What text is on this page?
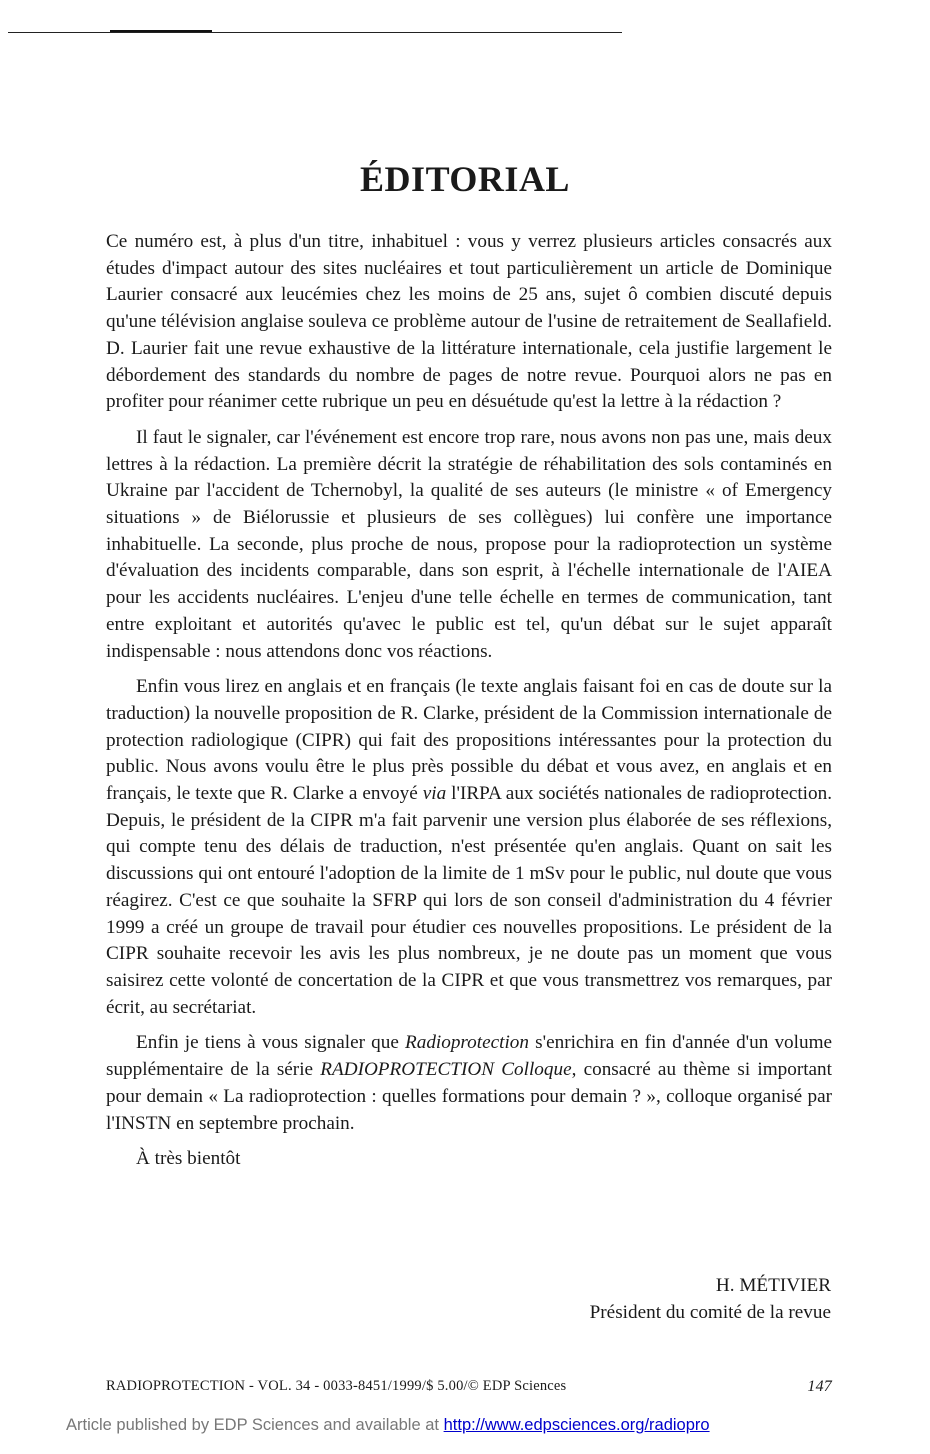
ÉDITORIAL

Ce numéro est, à plus d'un titre, inhabituel : vous y verrez plusieurs articles consacrés aux études d'impact autour des sites nucléaires et tout particulièrement un article de Dominique Laurier consacré aux leucémies chez les moins de 25 ans, sujet ô combien discuté depuis qu'une télévision anglaise souleva ce problème autour de l'usine de retraitement de Seallafield. D. Laurier fait une revue exhaustive de la littérature internationale, cela justifie largement le débordement des standards du nombre de pages de notre revue. Pourquoi alors ne pas en profiter pour réanimer cette rubrique un peu en désuétude qu'est la lettre à la rédaction ?

Il faut le signaler, car l'événement est encore trop rare, nous avons non pas une, mais deux lettres à la rédaction. La première décrit la stratégie de réhabilitation des sols contaminés en Ukraine par l'accident de Tchernobyl, la qualité de ses auteurs (le ministre « of Emergency situations » de Biélorussie et plusieurs de ses collègues) lui confère une importance inhabituelle. La seconde, plus proche de nous, propose pour la radioprotection un système d'évaluation des incidents comparable, dans son esprit, à l'échelle internationale de l'AIEA pour les accidents nucléaires. L'enjeu d'une telle échelle en termes de communication, tant entre exploitant et autorités qu'avec le public est tel, qu'un débat sur le sujet apparaît indispensable : nous attendons donc vos réactions.

Enfin vous lirez en anglais et en français (le texte anglais faisant foi en cas de doute sur la traduction) la nouvelle proposition de R. Clarke, président de la Commission internationale de protection radiologique (CIPR) qui fait des propositions intéressantes pour la protection du public. Nous avons voulu être le plus près possible du débat et vous avez, en anglais et en français, le texte que R. Clarke a envoyé via l'IRPA aux sociétés nationales de radioprotection. Depuis, le président de la CIPR m'a fait parvenir une version plus élaborée de ses réflexions, qui compte tenu des délais de traduction, n'est présentée qu'en anglais. Quant on sait les discussions qui ont entouré l'adoption de la limite de 1 mSv pour le public, nul doute que vous réagirez. C'est ce que souhaite la SFRP qui lors de son conseil d'administration du 4 février 1999 a créé un groupe de travail pour étudier ces nouvelles propositions. Le président de la CIPR souhaite recevoir les avis les plus nombreux, je ne doute pas un moment que vous saisirez cette volonté de concertation de la CIPR et que vous transmettrez vos remarques, par écrit, au secrétariat.

Enfin je tiens à vous signaler que Radioprotection s'enrichira en fin d'année d'un volume supplémentaire de la série RADIOPROTECTION Colloque, consacré au thème si important pour demain « La radioprotection : quelles formations pour demain ? », colloque organisé par l'INSTN en septembre prochain.

À très bientôt

H. MÉTIVIER
Président du comité de la revue
RADIOPROTECTION - VOL. 34 - 0033-8451/1999/$ 5.00/© EDP Sciences	147
Article published by EDP Sciences and available at http://www.edpsciences.org/radiopro
